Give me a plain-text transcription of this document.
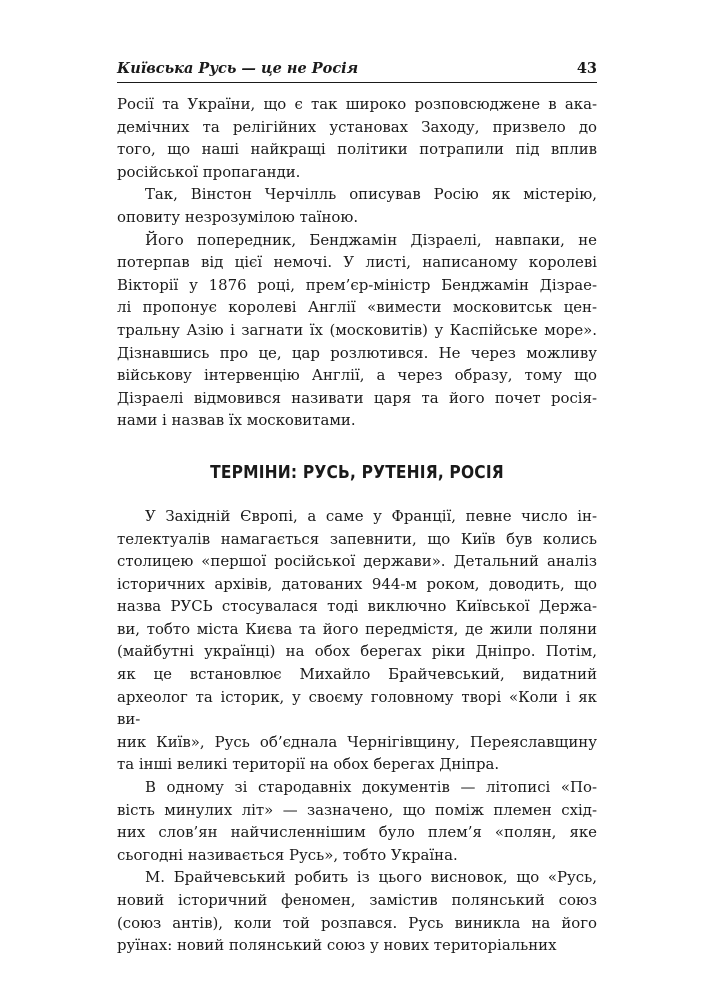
Київська Русь — це не Росія	43

Росії та України, що є так широко розповсюджене в ака-
демічних та релігійних установах Заходу, призвело до
того, що наші найкращі політики потрапили під вплив
російської пропаганди.

Так, Вінстон Черчілль описував Росію як містерію,
оповиту незрозумілою таїною.

Його попередник, Бенджамін Дізраелі, навпаки, не
потерпав від цієї немочі. У листі, написаному королеві
Вікторії у 1876 році, прем’єр-міністр Бенджамін Дізрае-
лі пропонує королеві Англії «вимести московитськ цен-
тральну Азію і загнати їх (московитів) у Каспійське море».
Дізнавшись про це, цар розлютився. Не через можливу
військову інтервенцію Англії, а через образу, тому що
Дізраелі відмовився називати царя та його почет росія-
нами і назвав їх московитами.

ТЕРМІНИ: РУСЬ, РУТЕНІЯ, РОСІЯ

У Західній Європі, а саме у Франції, певне число ін-
телектуалів намагається запевнити, що Київ був колись
столицею «першої російської держави». Детальний аналіз
історичних архівів, датованих 944-м роком, доводить, що
назва РУСЬ стосувалася тоді виключно Київської Держа-
ви, тобто міста Києва та його передмістя, де жили поляни
(майбутні українці) на обох берегах ріки Дніпро. Потім,
як це встановлює Михайло Брайчевський, видатний
археолог та історик, у своєму головному творі «Коли і як ви-
ник Київ», Русь об’єднала Чернігівщину, Переяславщину
та інші великі території на обох берегах Дніпра.

В одному зі стародавніх документів — літописі «По-
вість минулих літ» — зазначено, що поміж племен схід-
них слов’ян найчисленнішим було плем’я «полян, яке
сьогодні називається Русь», тобто Україна.

М. Брайчевський робить із цього висновок, що «Русь,
новий історичний феномен, замістив полянський союз
(союз антів), коли той розпався. Русь виникла на його
руїнах: новий полянський союз у нових територіальних
